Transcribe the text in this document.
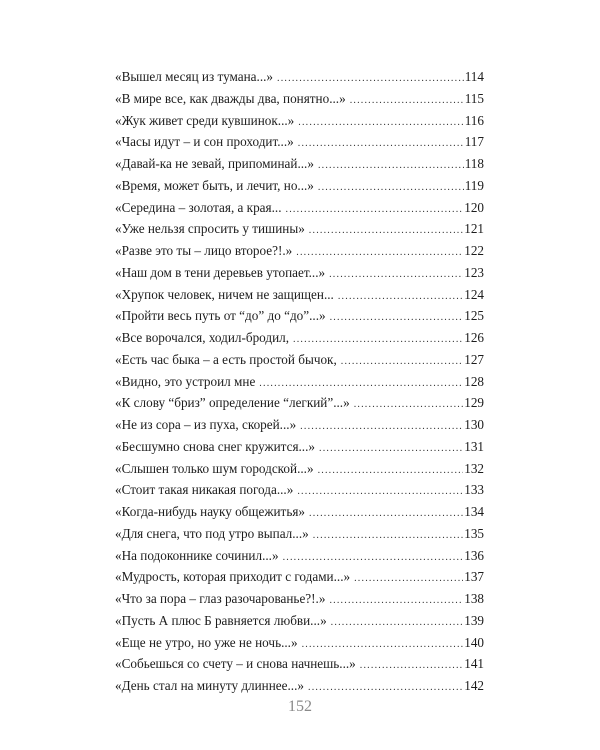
«Вышел месяц из тумана...» .....	114
«В мире все, как дважды два, понятно...» .....	115
«Жук живет среди кувшинок...» .....	116
«Часы идут – и сон проходит...» .....	117
«Давай-ка не зевай, припоминай...» .....	118
«Время, может быть, и лечит, но...» .....	119
«Середина – золотая, а края... .....	120
«Уже нельзя спросить у тишины» .....	121
«Разве это ты – лицо второе?!.» .....	122
«Наш дом в тени деревьев утопает...» .....	123
«Хрупок человек, ничем не защищен... .....	124
«Пройти весь путь от “до” до “до”...» .....	125
«Все ворочался, ходил-бродил, .....	126
«Есть час быка – а есть простой бычок, .....	127
«Видно, это устроил мне .....	128
«К слову “бриз” определение “легкий”...» .....	129
«Не из сора – из пуха, скорей...» .....	130
«Бесшумно снова снег кружится...» .....	131
«Слышен только шум городской...» .....	132
«Стоит такая никакая погода...» .....	133
«Когда-нибудь науку общежитья» .....	134
«Для снега, что под утро выпал...» .....	135
«На подоконнике сочинил...» .....	136
«Мудрость, которая приходит с годами...» .....	137
«Что за пора – глаз разочарованье?!.» .....	138
«Пусть А плюс Б равняется любви...» .....	139
«Еще не утро, но уже не ночь...» .....	140
«Собьешься со счету – и снова начнешь...» .....	141
«День стал на минуту длиннее...» .....	142
152
